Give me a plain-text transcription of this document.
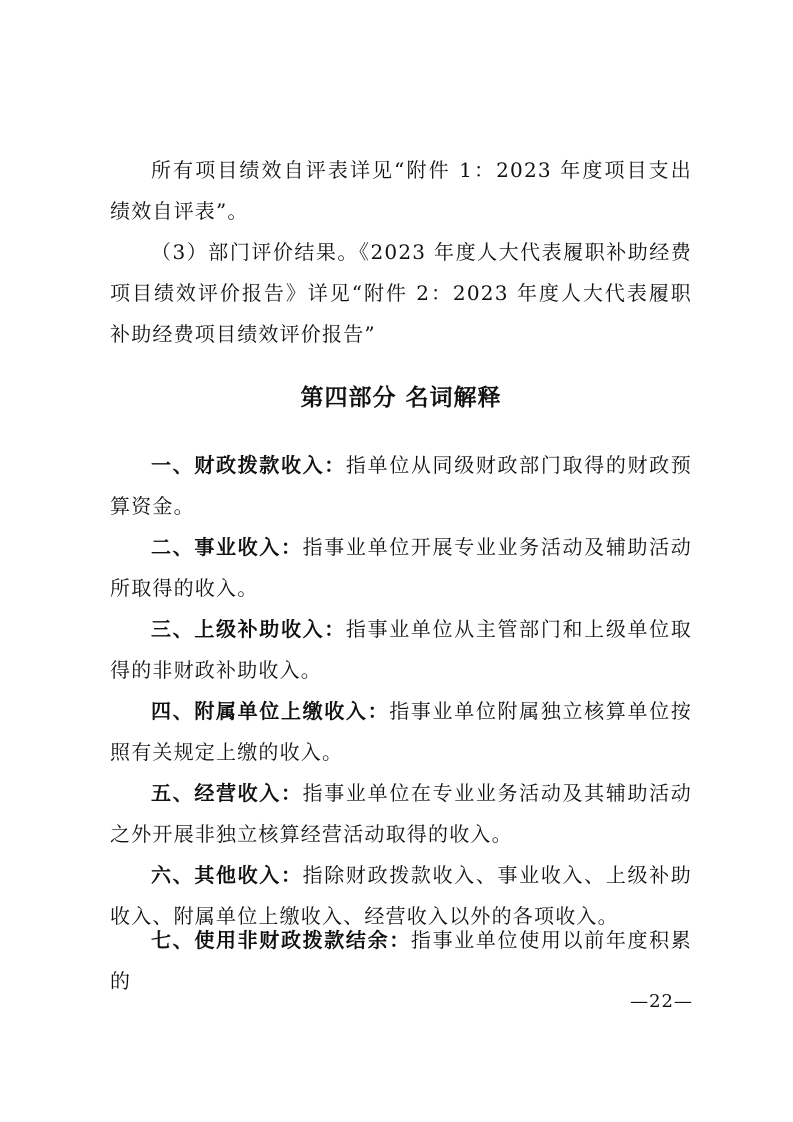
所有项目绩效自评表详见“附件 1：2023 年度项目支出绩效自评表”。

（3）部门评价结果。《2023 年度人大代表履职补助经费项目绩效评价报告》详见“附件 2：2023 年度人大代表履职补助经费项目绩效评价报告”

第四部分 名词解释

一、财政拨款收入：指单位从同级财政部门取得的财政预算资金。

二、事业收入：指事业单位开展专业业务活动及辅助活动所取得的收入。

三、上级补助收入：指事业单位从主管部门和上级单位取得的非财政补助收入。

四、附属单位上缴收入：指事业单位附属独立核算单位按照有关规定上缴的收入。

五、经营收入：指事业单位在专业业务活动及其辅助活动之外开展非独立核算经营活动取得的收入。

六、其他收入：指除财政拨款收入、事业收入、上级补助收入、附属单位上缴收入、经营收入以外的各项收入。

七、使用非财政拨款结余：指事业单位使用以前年度积累的

—22—
